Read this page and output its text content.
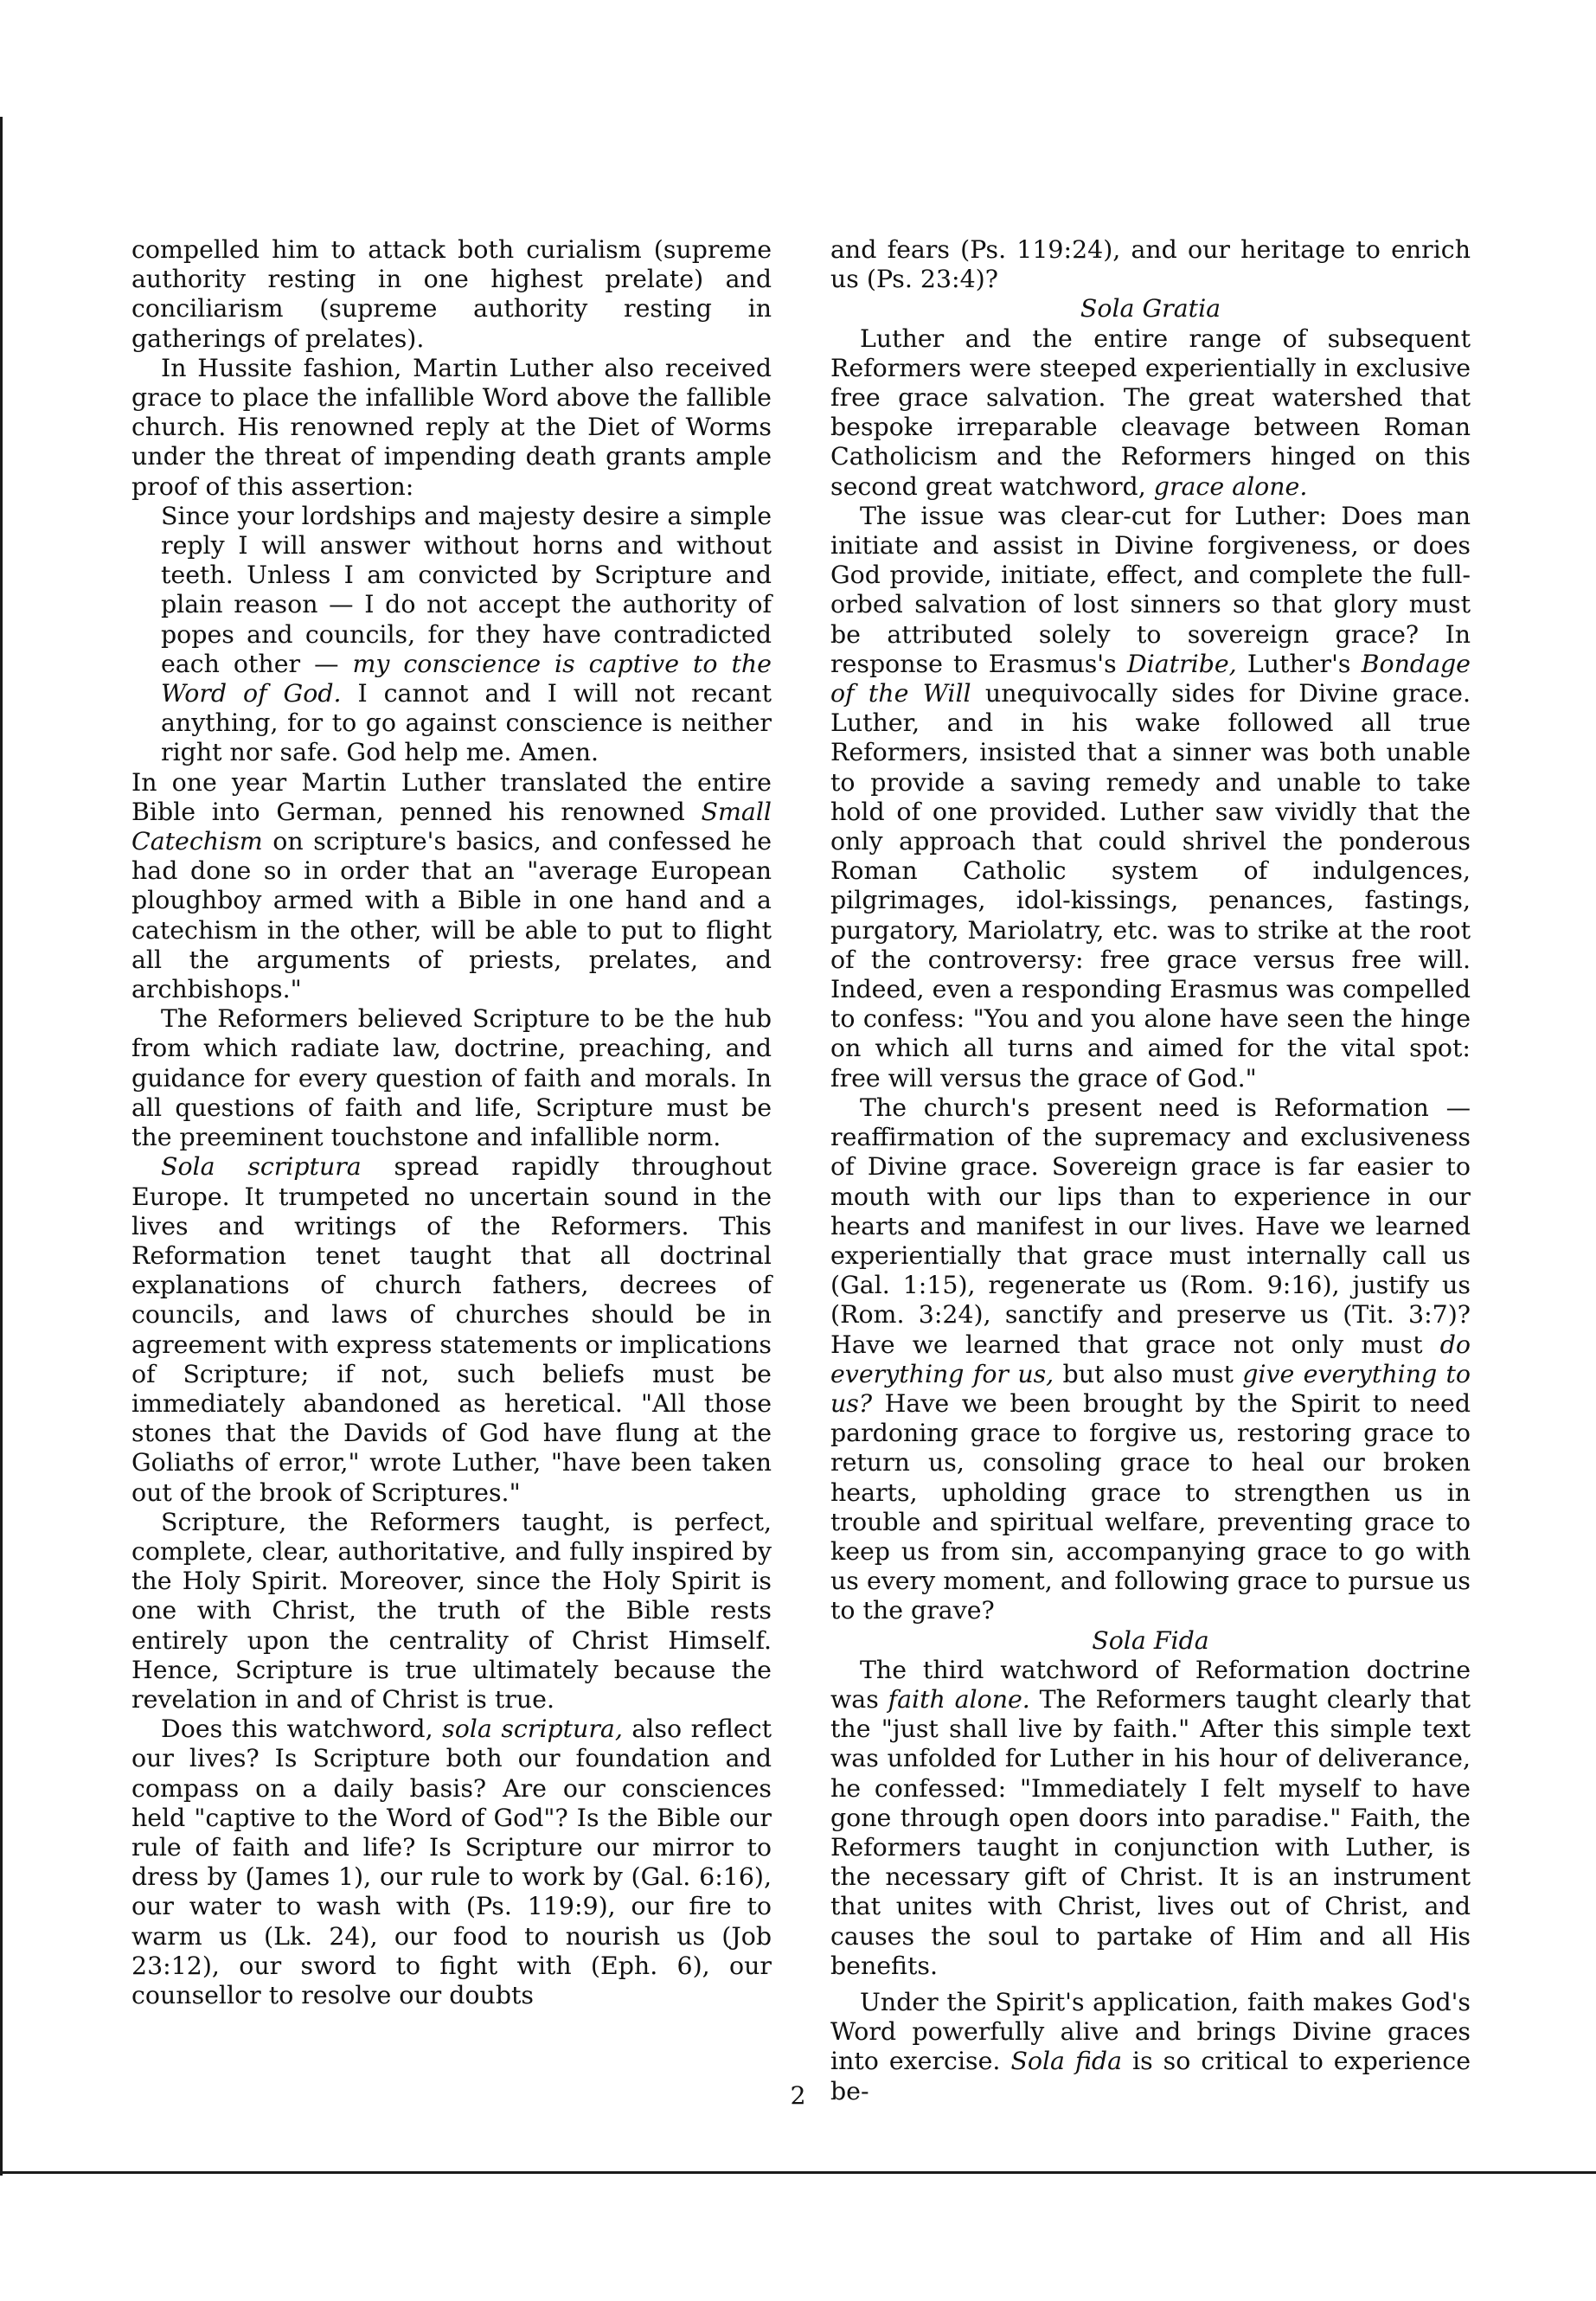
compelled him to attack both curialism (supreme authority resting in one highest prelate) and conciliarism (supreme authority resting in gatherings of prelates).

In Hussite fashion, Martin Luther also received grace to place the infallible Word above the fallible church. His renowned reply at the Diet of Worms under the threat of impending death grants ample proof of this assertion:

Since your lordships and majesty desire a simple reply I will answer without horns and without teeth. Unless I am convicted by Scripture and plain reason — I do not accept the authority of popes and councils, for they have contradicted each other — my conscience is captive to the Word of God. I cannot and I will not recant anything, for to go against conscience is neither right nor safe. God help me. Amen.

In one year Martin Luther translated the entire Bible into German, penned his renowned Small Catechism on scripture's basics, and confessed he had done so in order that an "average European ploughboy armed with a Bible in one hand and a catechism in the other, will be able to put to flight all the arguments of priests, prelates, and archbishops."

The Reformers believed Scripture to be the hub from which radiate law, doctrine, preaching, and guidance for every question of faith and morals. In all questions of faith and life, Scripture must be the preeminent touchstone and infallible norm.

Sola scriptura spread rapidly throughout Europe. It trumpeted no uncertain sound in the lives and writings of the Reformers. This Reformation tenet taught that all doctrinal explanations of church fathers, decrees of councils, and laws of churches should be in agreement with express statements or implications of Scripture; if not, such beliefs must be immediately abandoned as heretical. "All those stones that the Davids of God have flung at the Goliaths of error," wrote Luther, "have been taken out of the brook of Scriptures."

Scripture, the Reformers taught, is perfect, complete, clear, authoritative, and fully inspired by the Holy Spirit. Moreover, since the Holy Spirit is one with Christ, the truth of the Bible rests entirely upon the centrality of Christ Himself. Hence, Scripture is true ultimately because the revelation in and of Christ is true.

Does this watchword, sola scriptura, also reflect our lives? Is Scripture both our foundation and compass on a daily basis? Are our consciences held "captive to the Word of God"? Is the Bible our rule of faith and life? Is Scripture our mirror to dress by (James 1), our rule to work by (Gal. 6:16), our water to wash with (Ps. 119:9), our fire to warm us (Lk. 24), our food to nourish us (Job 23:12), our sword to fight with (Eph. 6), our counsellor to resolve our doubts

and fears (Ps. 119:24), and our heritage to enrich us (Ps. 23:4)?

Sola Gratia

Luther and the entire range of subsequent Reformers were steeped experientially in exclusive free grace salvation. The great watershed that bespoke irreparable cleavage between Roman Catholicism and the Reformers hinged on this second great watchword, grace alone.

The issue was clear-cut for Luther: Does man initiate and assist in Divine forgiveness, or does God provide, initiate, effect, and complete the full-orbed salvation of lost sinners so that glory must be attributed solely to sovereign grace? In response to Erasmus's Diatribe, Luther's Bondage of the Will unequivocally sides for Divine grace. Luther, and in his wake followed all true Reformers, insisted that a sinner was both unable to provide a saving remedy and unable to take hold of one provided. Luther saw vividly that the only approach that could shrivel the ponderous Roman Catholic system of indulgences, pilgrimages, idol-kissings, penances, fastings, purgatory, Mariolatry, etc. was to strike at the root of the controversy: free grace versus free will. Indeed, even a responding Erasmus was compelled to confess: "You and you alone have seen the hinge on which all turns and aimed for the vital spot: free will versus the grace of God."

The church's present need is Reformation — reaffirmation of the supremacy and exclusiveness of Divine grace. Sovereign grace is far easier to mouth with our lips than to experience in our hearts and manifest in our lives. Have we learned experientially that grace must internally call us (Gal. 1:15), regenerate us (Rom. 9:16), justify us (Rom. 3:24), sanctify and preserve us (Tit. 3:7)? Have we learned that grace not only must do everything for us, but also must give everything to us? Have we been brought by the Spirit to need pardoning grace to forgive us, restoring grace to return us, consoling grace to heal our broken hearts, upholding grace to strengthen us in trouble and spiritual welfare, preventing grace to keep us from sin, accompanying grace to go with us every moment, and following grace to pursue us to the grave?

Sola Fida

The third watchword of Reformation doctrine was faith alone. The Reformers taught clearly that the "just shall live by faith." After this simple text was unfolded for Luther in his hour of deliverance, he confessed: "Immediately I felt myself to have gone through open doors into paradise." Faith, the Reformers taught in conjunction with Luther, is the necessary gift of Christ. It is an instrument that unites with Christ, lives out of Christ, and causes the soul to partake of Him and all His benefits.

Under the Spirit's application, faith makes God's Word powerfully alive and brings Divine graces into exercise. Sola fida is so critical to experience be-

2
